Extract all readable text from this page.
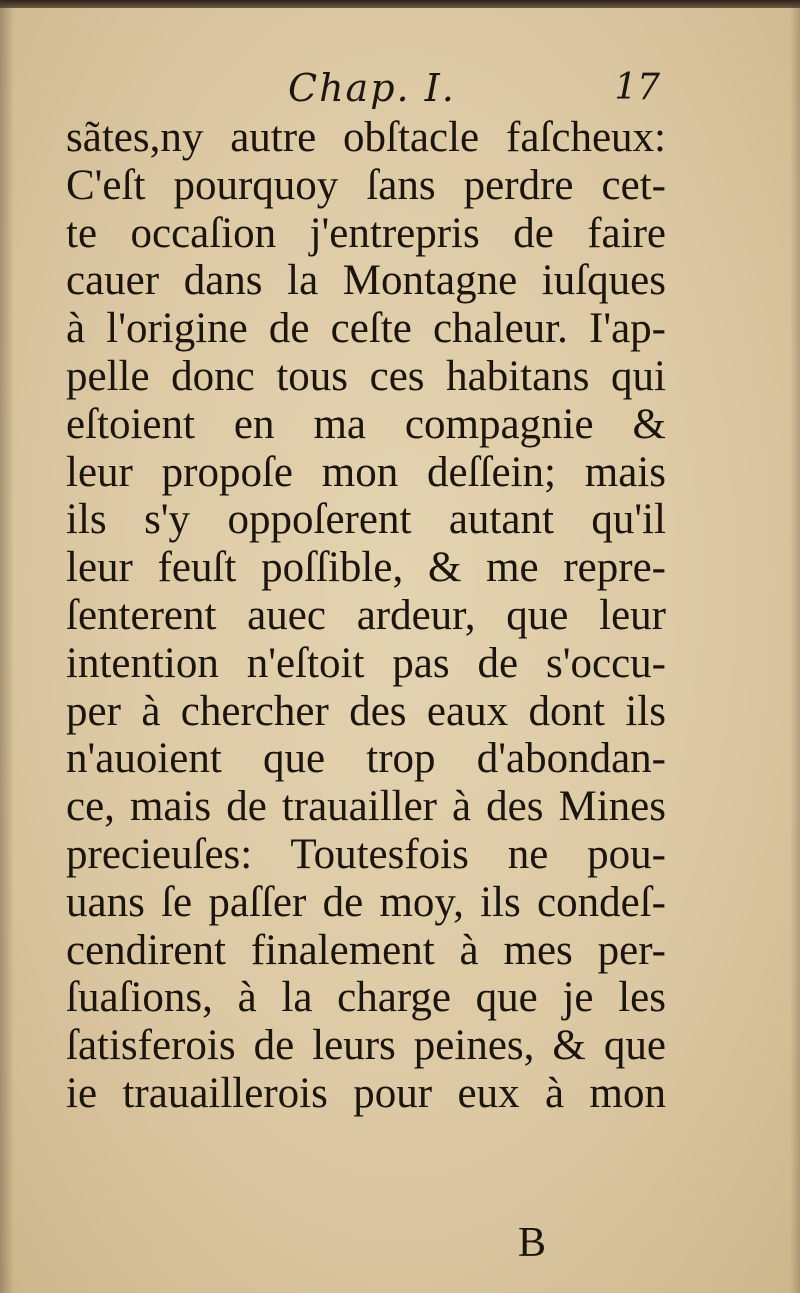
Chap. I.	17
sãtes,ny autre obſtacle faſcheux:
C'eſt pourquoy ſans perdre cet-
te occaſion j'entrepris de faire
cauer dans la Montagne iuſques
à l'origine de ceſte chaleur. I'ap-
pelle donc tous ces habitans qui
eſtoient en ma compagnie &
leur propoſe mon deſſein; mais
ils s'y oppoſerent autant qu'il
leur feuſt poſſible, & me repre-
ſenterent auec ardeur, que leur
intention n'eſtoit pas de s'occu-
per à chercher des eaux dont ils
n'auoient que trop d'abondan-
ce, mais de trauailler à des Mines
precieuſes: Toutesfois ne pou-
uans ſe paſſer de moy, ils condeſ-
cendirent finalement à mes per-
ſuaſions, à la charge que je les
ſatisferois de leurs peines, & que
ie trauaillerois pour eux à mon
B
